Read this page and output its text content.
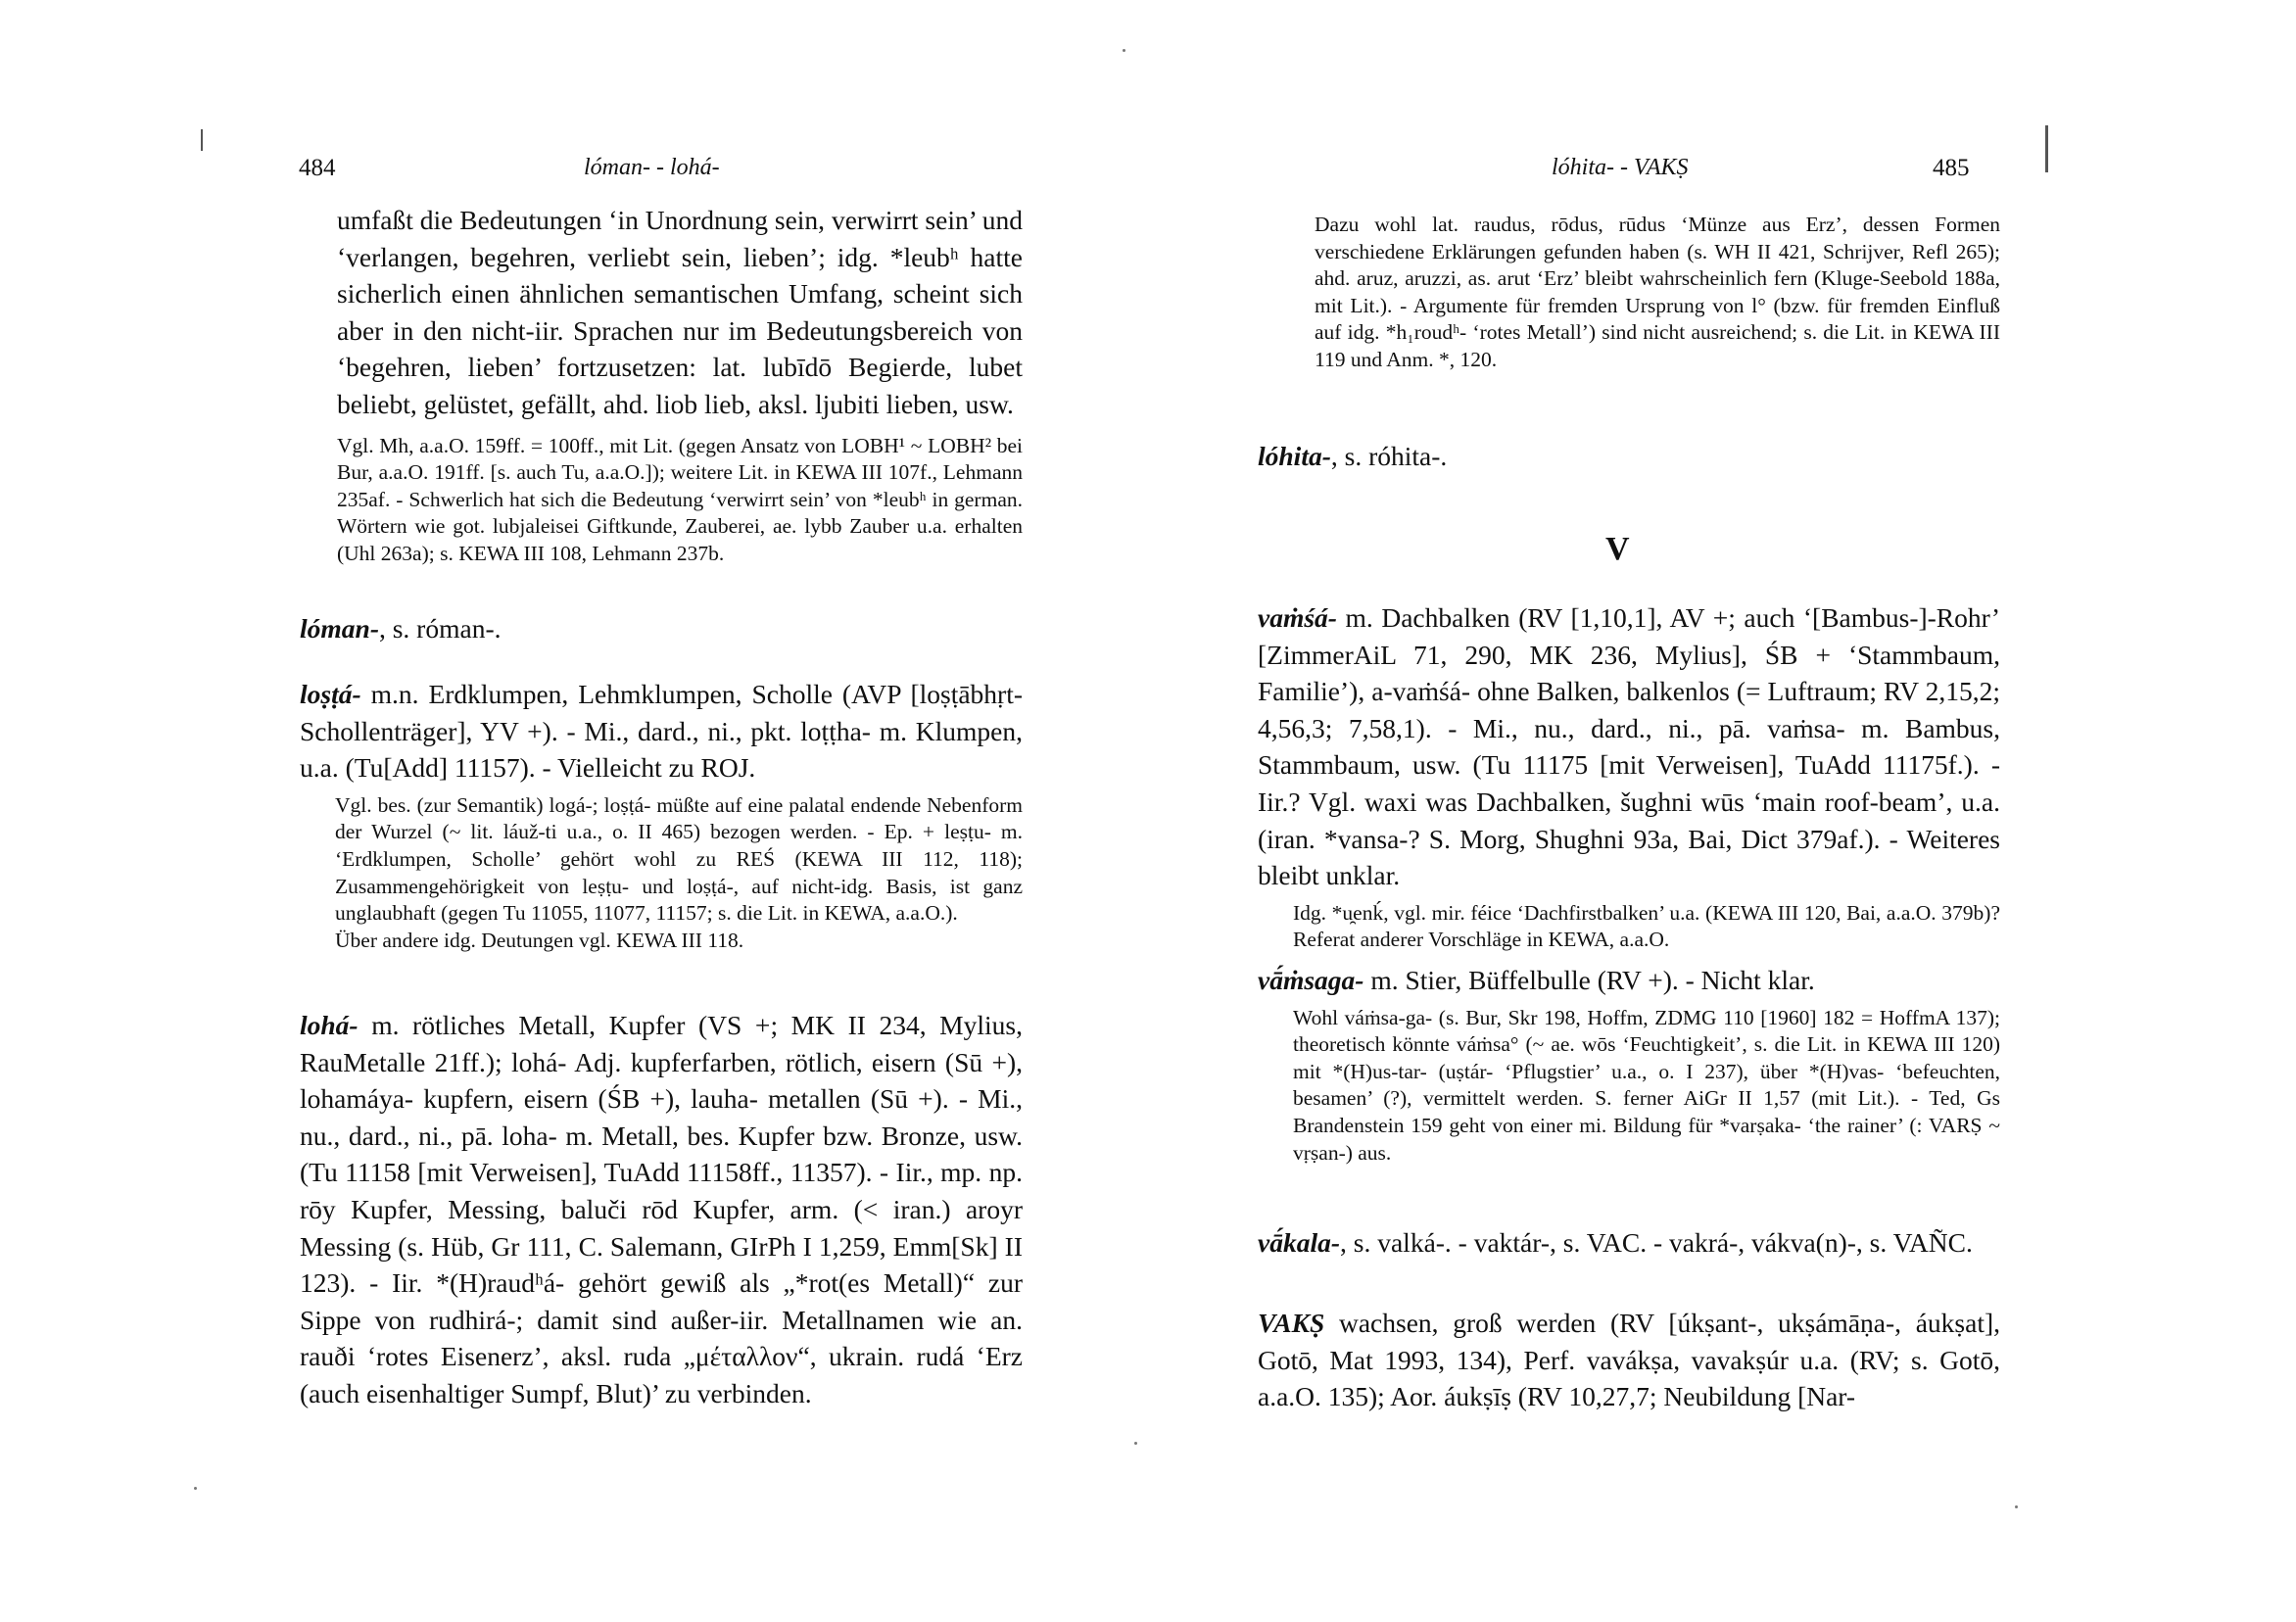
484	lóman- - lohá-
umfaßt die Bedeutungen ‘in Unordnung sein, verwirrt sein’ und ‘verlangen, begehren, verliebt sein, lieben’; idg. *leubʰ hatte sicherlich einen ähnlichen semantischen Umfang, scheint sich aber in den nicht-iir. Sprachen nur im Bedeutungsbereich von ‘begehren, lieben’ fortzusetzen: lat. lubīdō Begierde, lubet beliebt, gelüstet, gefällt, ahd. liob lieb, aksl. ljubiti lieben, usw.
Vgl. Mh, a.a.O. 159ff. = 100ff., mit Lit. (gegen Ansatz von LOBH¹ ~ LOBH² bei Bur, a.a.O. 191ff. [s. auch Tu, a.a.O.]); weitere Lit. in KEWA III 107f., Lehmann 235af. - Schwerlich hat sich die Bedeutung ‘verwirrt sein’ von *leubʰ in german. Wörtern wie got. lubjaleisei Giftkunde, Zauberei, ae. lybb Zauber u.a. erhalten (Uhl 263a); s. KEWA III 108, Lehmann 237b.
lóman-, s. róman-.
loṣṭá- m.n. Erdklumpen, Lehmklumpen, Scholle (AVP [loṣṭābhṛt- Schollenträger], YV +). - Mi., dard., ni., pkt. loṭṭha- m. Klumpen, u.a. (Tu[Add] 11157). - Vielleicht zu ROJ.
Vgl. bes. (zur Semantik) logá-; loṣṭá- müßte auf eine palatal endende Nebenform der Wurzel (~ lit. láuž-ti u.a., o. II 465) bezogen werden. - Ep. + leṣṭu- m. ‘Erdklumpen, Scholle’ gehört wohl zu REŚ (KEWA III 112, 118); Zusammengehörigkeit von leṣṭu- und loṣṭá-, auf nicht-idg. Basis, ist ganz unglaubhaft (gegen Tu 11055, 11077, 11157; s. die Lit. in KEWA, a.a.O.).
Über andere idg. Deutungen vgl. KEWA III 118.
lohá- m. rötliches Metall, Kupfer (VS +; MK II 234, Mylius, RauMetalle 21ff.); lohá- Adj. kupferfarben, rötlich, eisern (Sū +), lohamáya- kupfern, eisern (ŚB +), lauha- metallen (Sū +). - Mi., nu., dard., ni., pā. loha- m. Metall, bes. Kupfer bzw. Bronze, usw. (Tu 11158 [mit Verweisen], TuAdd 11158ff., 11357). - Iir., mp. np. rōy Kupfer, Messing, baluči rōd Kupfer, arm. (< iran.) aroyr Messing (s. Hüb, Gr 111, C. Salemann, GIrPh I 1,259, Emm[Sk] II 123). - Iir. *(H)raudʰá- gehört gewiß als „*rot(es Metall)“ zur Sippe von rudhirá-; damit sind außer-iir. Metallnamen wie an. rauði ‘rotes Eisenerz’, aksl. ruda „μέταλλον“, ukrain. rudá ‘Erz (auch eisenhaltiger Sumpf, Blut)’ zu verbinden.
lóhita- - VAKṢ	485
Dazu wohl lat. raudus, rōdus, rūdus ‘Münze aus Erz’, dessen Formen verschiedene Erklärungen gefunden haben (s. WH II 421, Schrijver, Refl 265); ahd. aruz, aruzzi, as. arut ‘Erz’ bleibt wahrscheinlich fern (Kluge-Seebold 188a, mit Lit.). - Argumente für fremden Ursprung von l° (bzw. für fremden Einfluß auf idg. *h₁roudʰ- ‘rotes Metall’) sind nicht ausreichend; s. die Lit. in KEWA III 119 und Anm. *, 120.
lóhita-, s. róhita-.
V
vaṁśá- m. Dachbalken (RV [1,10,1], AV +; auch ‘[Bambus-]-Rohr’ [ZimmerAiL 71, 290, MK 236, Mylius], ŚB + ‘Stammbaum, Familie’), a-vaṁśá- ohne Balken, balkenlos (= Luftraum; RV 2,15,2; 4,56,3; 7,58,1). - Mi., nu., dard., ni., pā. vaṁsa- m. Bambus, Stammbaum, usw. (Tu 11175 [mit Verweisen], TuAdd 11175f.). - Iir.? Vgl. waxi was Dachbalken, šughni wūs ‘main roof-beam’, u.a. (iran. *vansa-? S. Morg, Shughni 93a, Bai, Dict 379af.). - Weiteres bleibt unklar.
Idg. *u̯enḱ, vgl. mir. féice ‘Dachfirstbalken’ u.a. (KEWA III 120, Bai, a.a.O. 379b)? Referat anderer Vorschläge in KEWA, a.a.O.
vā́ṁsaga- m. Stier, Büffelbulle (RV +). - Nicht klar.
Wohl váṁsa-ga- (s. Bur, Skr 198, Hoffm, ZDMG 110 [1960] 182 = HoffmA 137); theoretisch könnte váṁsa° (~ ae. wōs ‘Feuchtigkeit’, s. die Lit. in KEWA III 120) mit *(H)us-tar- (uṣtár- ‘Pflugstier’ u.a., o. I 237), über *(H)vas- ‘befeuchten, besamen’ (?), vermittelt werden. S. ferner AiGr II 1,57 (mit Lit.). - Ted, Gs Brandenstein 159 geht von einer mi. Bildung für *varṣaka- ‘the rainer’ (: VARṢ ~ vṛṣan-) aus.
vā́kala-, s. valká-. - vaktár-, s. VAC. - vakrá-, vákva(n)-, s. VAÑC.
VAKṢ wachsen, groß werden (RV [úkṣant-, ukṣámāṇa-, áukṣat], Gotō, Mat 1993, 134), Perf. vavákṣa, vavakṣúr u.a. (RV; s. Gotō, a.a.O. 135); Aor. áukṣīṣ (RV 10,27,7; Neubildung [Nar-
